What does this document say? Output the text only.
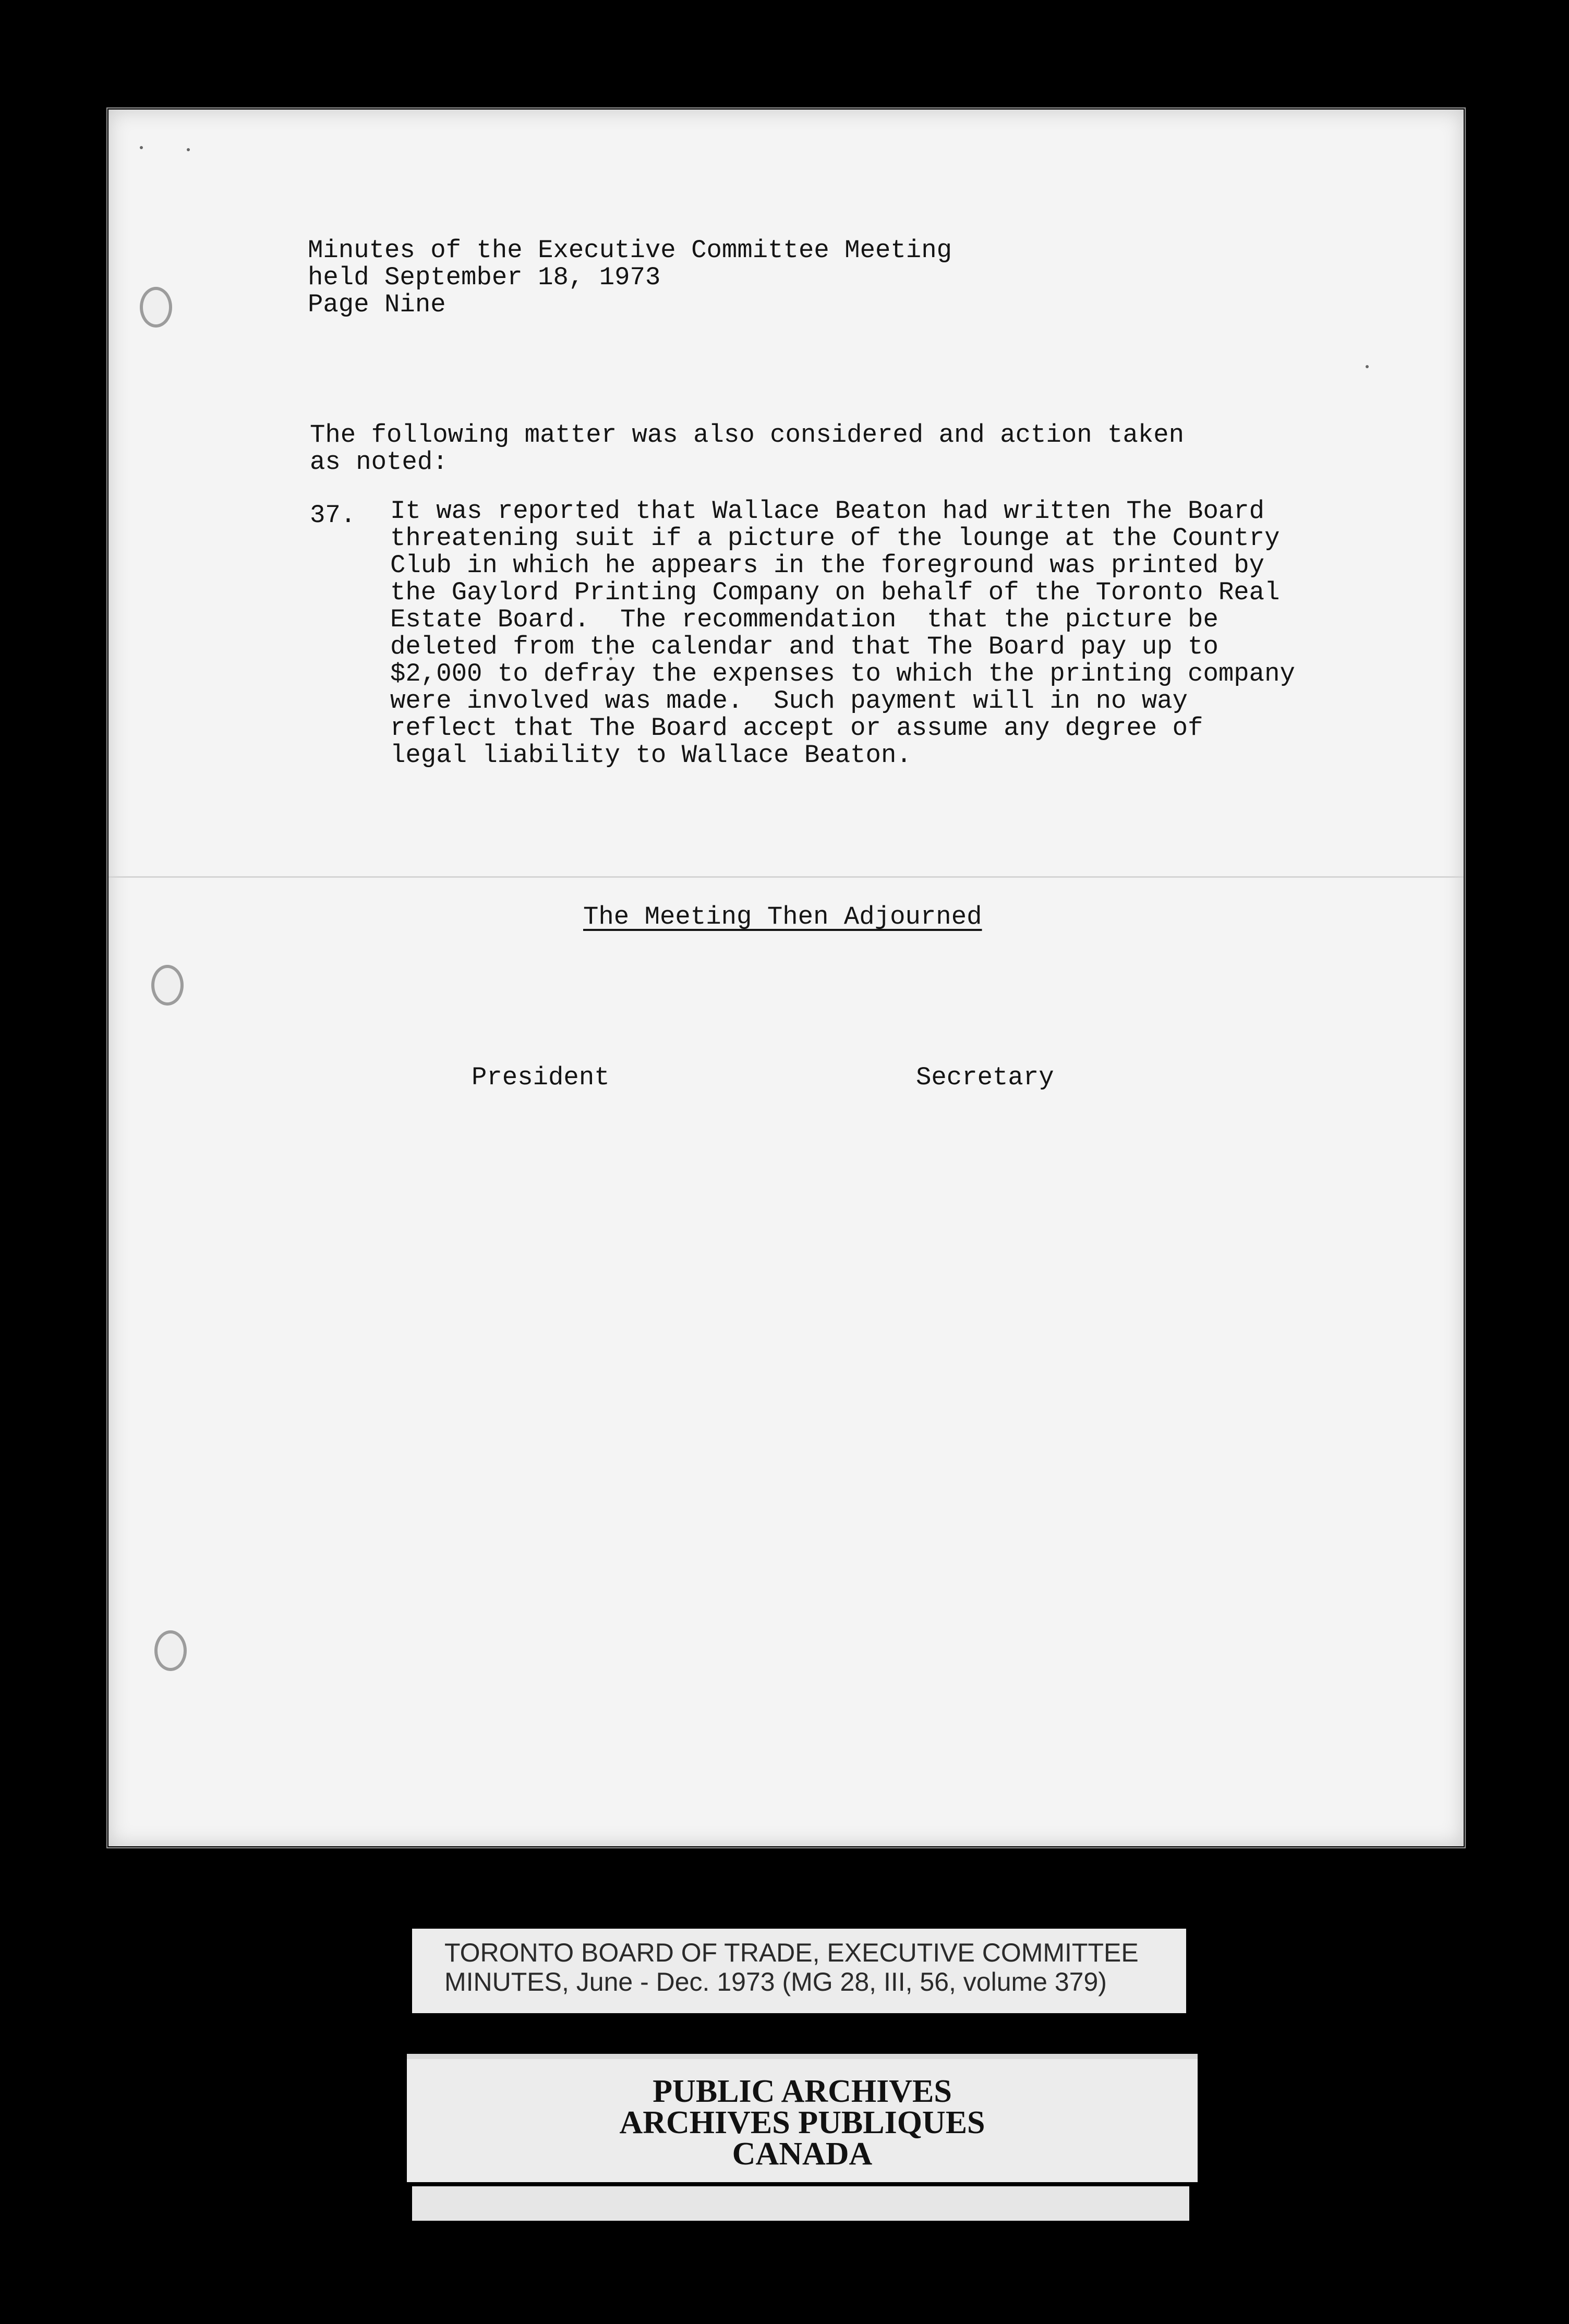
Minutes of the Executive Committee Meeting
held September 18, 1973
Page Nine
The following matter was also considered and action taken
as noted:
37. It was reported that Wallace Beaton had written The Board
threatening suit if a picture of the lounge at the Country
Club in which he appears in the foreground was printed by
the Gaylord Printing Company on behalf of the Toronto Real
Estate Board.  The recommendation  that the picture be
deleted from the calendar and that The Board pay up to
$2,000 to defray the expenses to which the printing company
were involved was made.  Such payment will in no way
reflect that The Board accept or assume any degree of
legal liability to Wallace Beaton.
The Meeting Then Adjourned
President	Secretary
TORONTO BOARD OF TRADE, EXECUTIVE COMMITTEE
MINUTES, June - Dec. 1973 (MG 28, III, 56, volume 379)
PUBLIC ARCHIVES
ARCHIVES PUBLIQUES
CANADA
